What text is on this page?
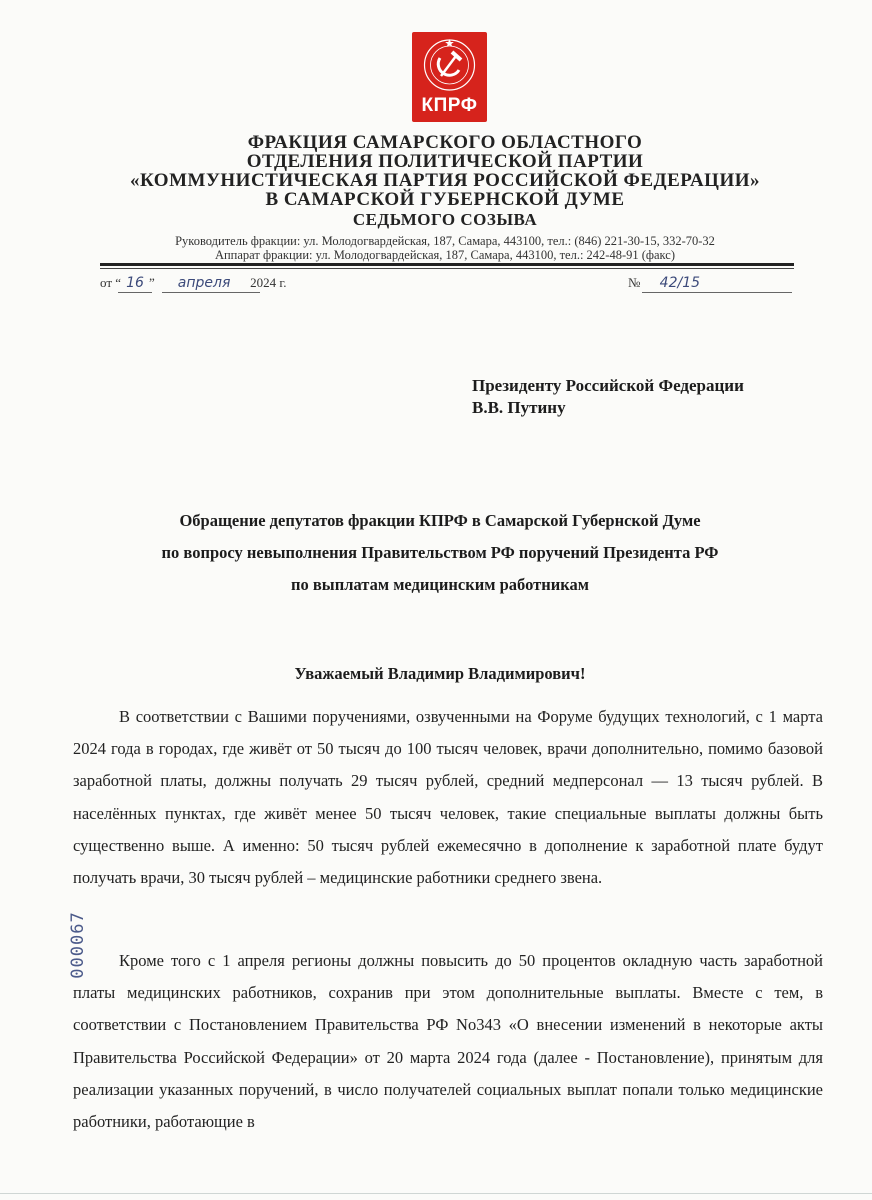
КПРФ

ФРАКЦИЯ САМАРСКОГО ОБЛАСТНОГО

ОТДЕЛЕНИЯ ПОЛИТИЧЕСКОЙ ПАРТИИ

«КОММУНИСТИЧЕСКАЯ ПАРТИЯ РОССИЙСКОЙ ФЕДЕРАЦИИ»

В САМАРСКОЙ ГУБЕРНСКОЙ ДУМЕ

СЕДЬМОГО СОЗЫВА

Руководитель фракции: ул. Молодогвардейская, 187, Самара, 443100, тел.: (846) 221-30-15, 332-70-32
Аппарат фракции: ул. Молодогвардейская, 187, Самара, 443100, тел.: 242-48-91 (факс)
от “ 16 ” апреля 2024 г.	№ 42/15
Президенту Российской Федерации
В.В. Путину
Обращение депутатов фракции КПРФ в Самарской Губернской Думе
по вопросу невыполнения Правительством РФ поручений Президента РФ
по выплатам медицинским работникам
Уважаемый Владимир Владимирович!
В соответствии с Вашими поручениями, озвученными на Форуме будущих технологий, с 1 марта 2024 года в городах, где живёт от 50 тысяч до 100 тысяч человек, врачи дополнительно, помимо базовой заработной платы, должны получать 29 тысяч рублей, средний медперсонал — 13 тысяч рублей. В населённых пунктах, где живёт менее 50 тысяч человек, такие специальные выплаты должны быть существенно выше. А именно: 50 тысяч рублей ежемесячно в дополнение к заработной плате будут получать врачи, 30 тысяч рублей – медицинские работники среднего звена.
Кроме того с 1 апреля регионы должны повысить до 50 процентов окладную часть заработной платы медицинских работников, сохранив при этом дополнительные выплаты. Вместе с тем, в соответствии с Постановлением Правительства РФ No343 «О внесении изменений в некоторые акты Правительства Российской Федерации» от 20 марта 2024 года (далее - Постановление), принятым для реализации указанных поручений, в число получателей социальных выплат попали только медицинские работники, работающие в
000067
